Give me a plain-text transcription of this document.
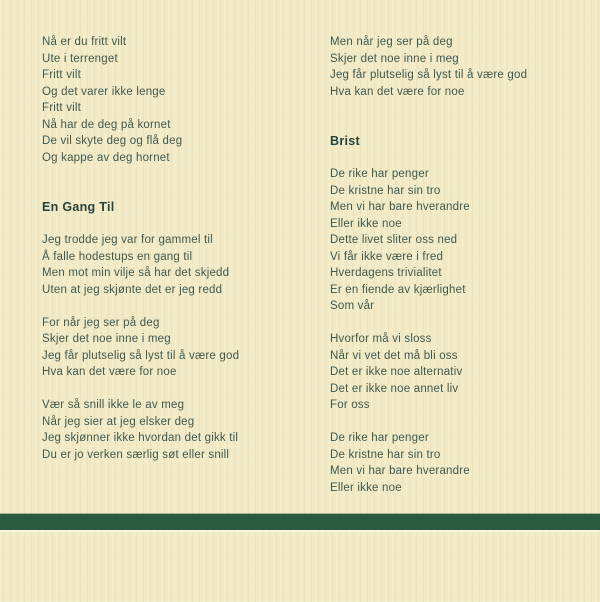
Nå er du fritt vilt
Ute i terrenget
Fritt vilt
Og det varer ikke lenge
Fritt vilt
Nå har de deg på kornet
De vil skyte deg og flå deg
Og kappe av deg hornet
En Gang Til
Jeg trodde jeg var for gammel til
Å falle hodestups en gang til
Men mot min vilje så har det skjedd
Uten at jeg skjønte det er jeg redd
For når jeg ser på deg
Skjer det noe inne i meg
Jeg får plutselig så lyst til å være god
Hva kan det være for noe
Vær så snill ikke le av meg
Når jeg sier at jeg elsker deg
Jeg skjønner ikke hvordan det gikk til
Du er jo verken særlig søt eller snill
Men når jeg ser på deg
Skjer det noe inne i meg
Jeg får plutselig så lyst til å være god
Hva kan det være for noe
Brist
De rike har penger
De kristne har sin tro
Men vi har bare hverandre
Eller ikke noe
Dette livet sliter oss ned
Vi får ikke være i fred
Hverdagens trivialitet
Er en fiende av kjærlighet
Som vår
Hvorfor må vi sloss
Når vi vet det må bli oss
Det er ikke noe alternativ
Det er ikke noe annet liv
For oss
De rike har penger
De kristne har sin tro
Men vi har bare hverandre
Eller ikke noe
